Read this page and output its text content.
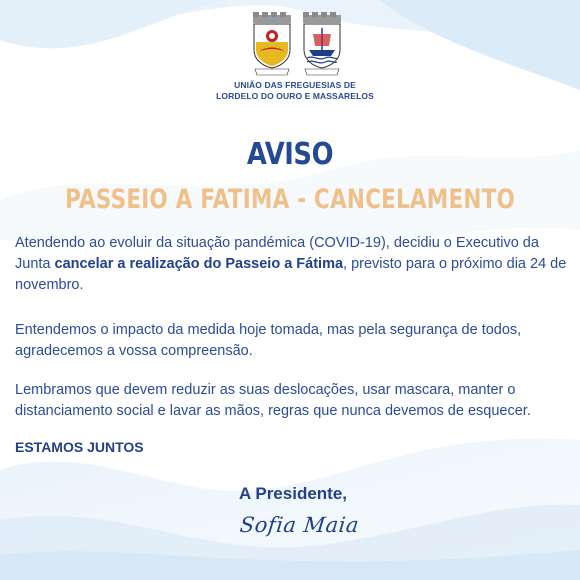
UNIÃO DAS FREGUESIAS DE
LORDELO DO OURO E MASSARELOS
AVISO
PASSEIO A FATIMA - CANCELAMENTO

Atendendo ao evoluir da situação pandémica (COVID-19), decidiu o Executivo da Junta cancelar a realização do Passeio a Fátima, previsto para o próximo dia 24 de novembro.

Entendemos o impacto da medida hoje tomada, mas pela segurança de todos, agradecemos a vossa compreensão.

Lembramos que devem reduzir as suas deslocações, usar mascara, manter o distanciamento social e lavar as mãos, regras que nunca devemos de esquecer.

ESTAMOS JUNTOS
A Presidente,
Sofia Maia
